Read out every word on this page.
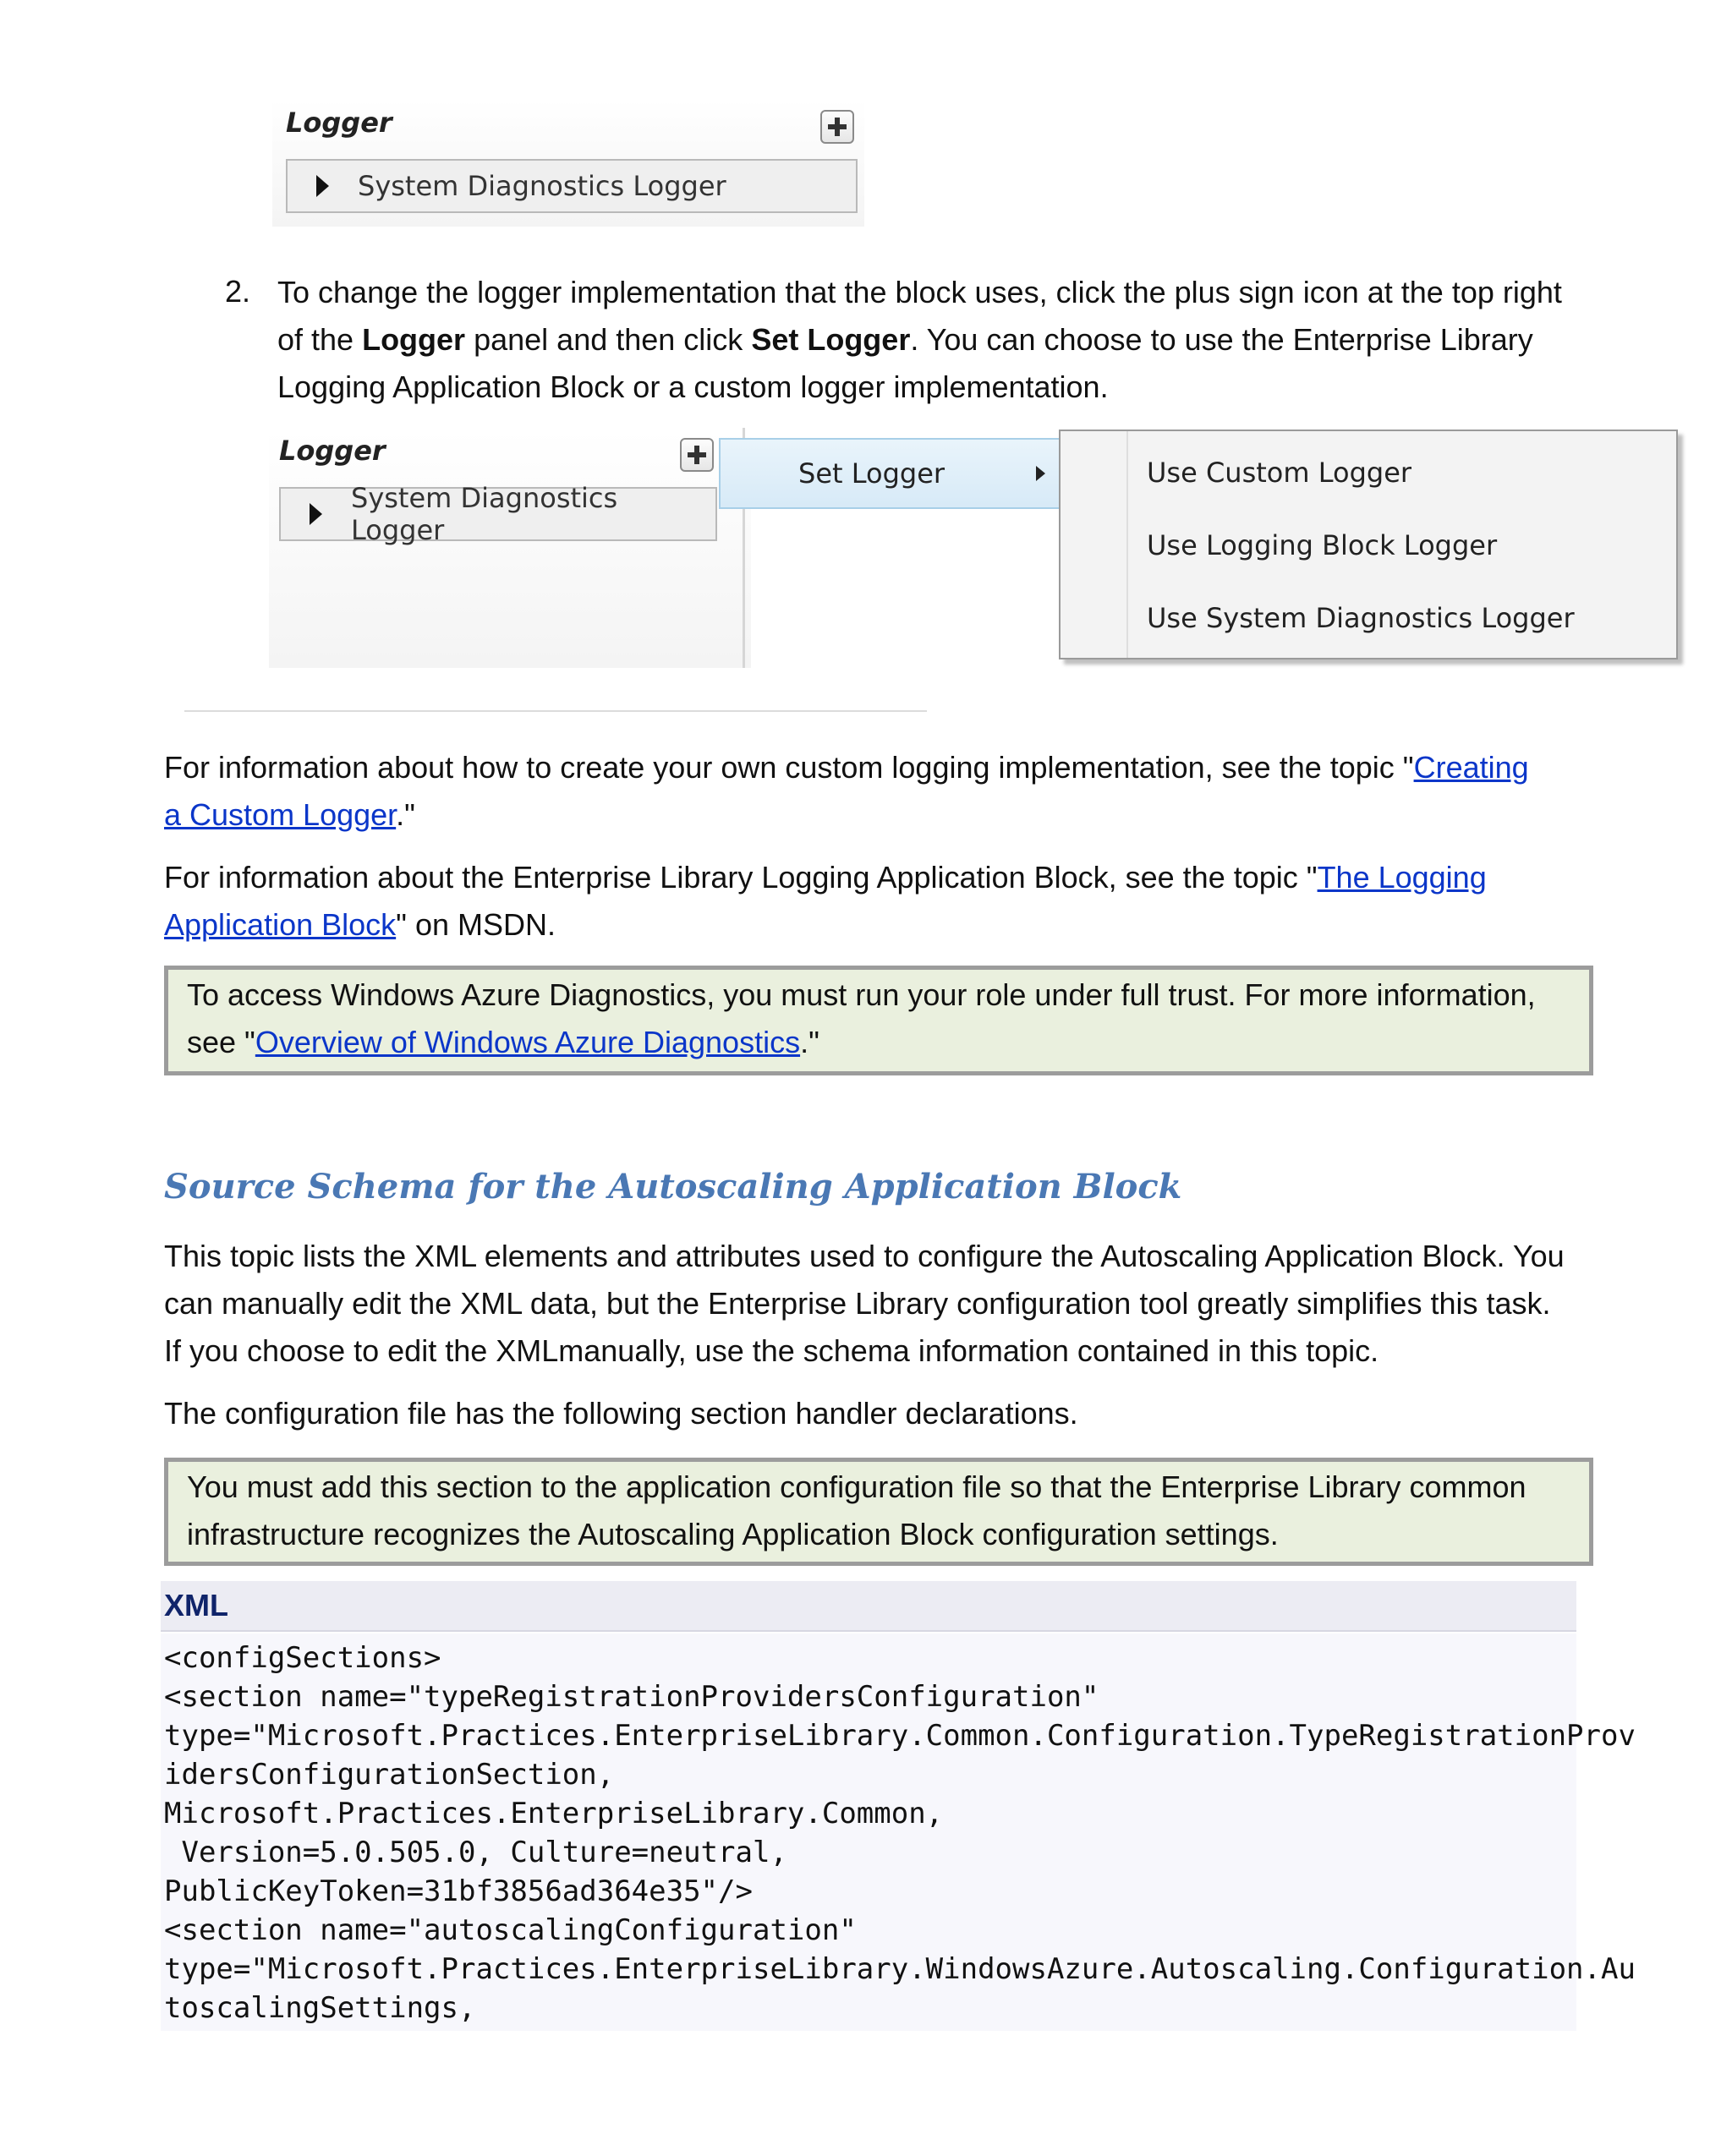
Logger
System Diagnostics Logger
2. To change the logger implementation that the block uses, click the plus sign icon at the top right
of the Logger panel and then click Set Logger. You can choose to use the Enterprise Library
Logging Application Block or a custom logger implementation.
Logger
System Diagnostics Logger
Set Logger	Use Custom Logger
Use Logging Block Logger
Use System Diagnostics Logger
For information about how to create your own custom logging implementation, see the topic "Creating
a Custom Logger."
For information about the Enterprise Library Logging Application Block, see the topic "The Logging
Application Block" on MSDN.
To access Windows Azure Diagnostics, you must run your role under full trust. For more information,
see "Overview of Windows Azure Diagnostics."
Source Schema for the Autoscaling Application Block
This topic lists the XML elements and attributes used to configure the Autoscaling Application Block. You
can manually edit the XML data, but the Enterprise Library configuration tool greatly simplifies this task.
If you choose to edit the XMLmanually, use the schema information contained in this topic.
The configuration file has the following section handler declarations.
You must add this section to the application configuration file so that the Enterprise Library common
infrastructure recognizes the Autoscaling Application Block configuration settings.
XML
<configSections>
<section name="typeRegistrationProvidersConfiguration"
type="Microsoft.Practices.EnterpriseLibrary.Common.Configuration.TypeRegistrationProv
idersConfigurationSection,
Microsoft.Practices.EnterpriseLibrary.Common,
Version=5.0.505.0, Culture=neutral,
PublicKeyToken=31bf3856ad364e35"/>
<section name="autoscalingConfiguration"
type="Microsoft.Practices.EnterpriseLibrary.WindowsAzure.Autoscaling.Configuration.Au
toscalingSettings,
